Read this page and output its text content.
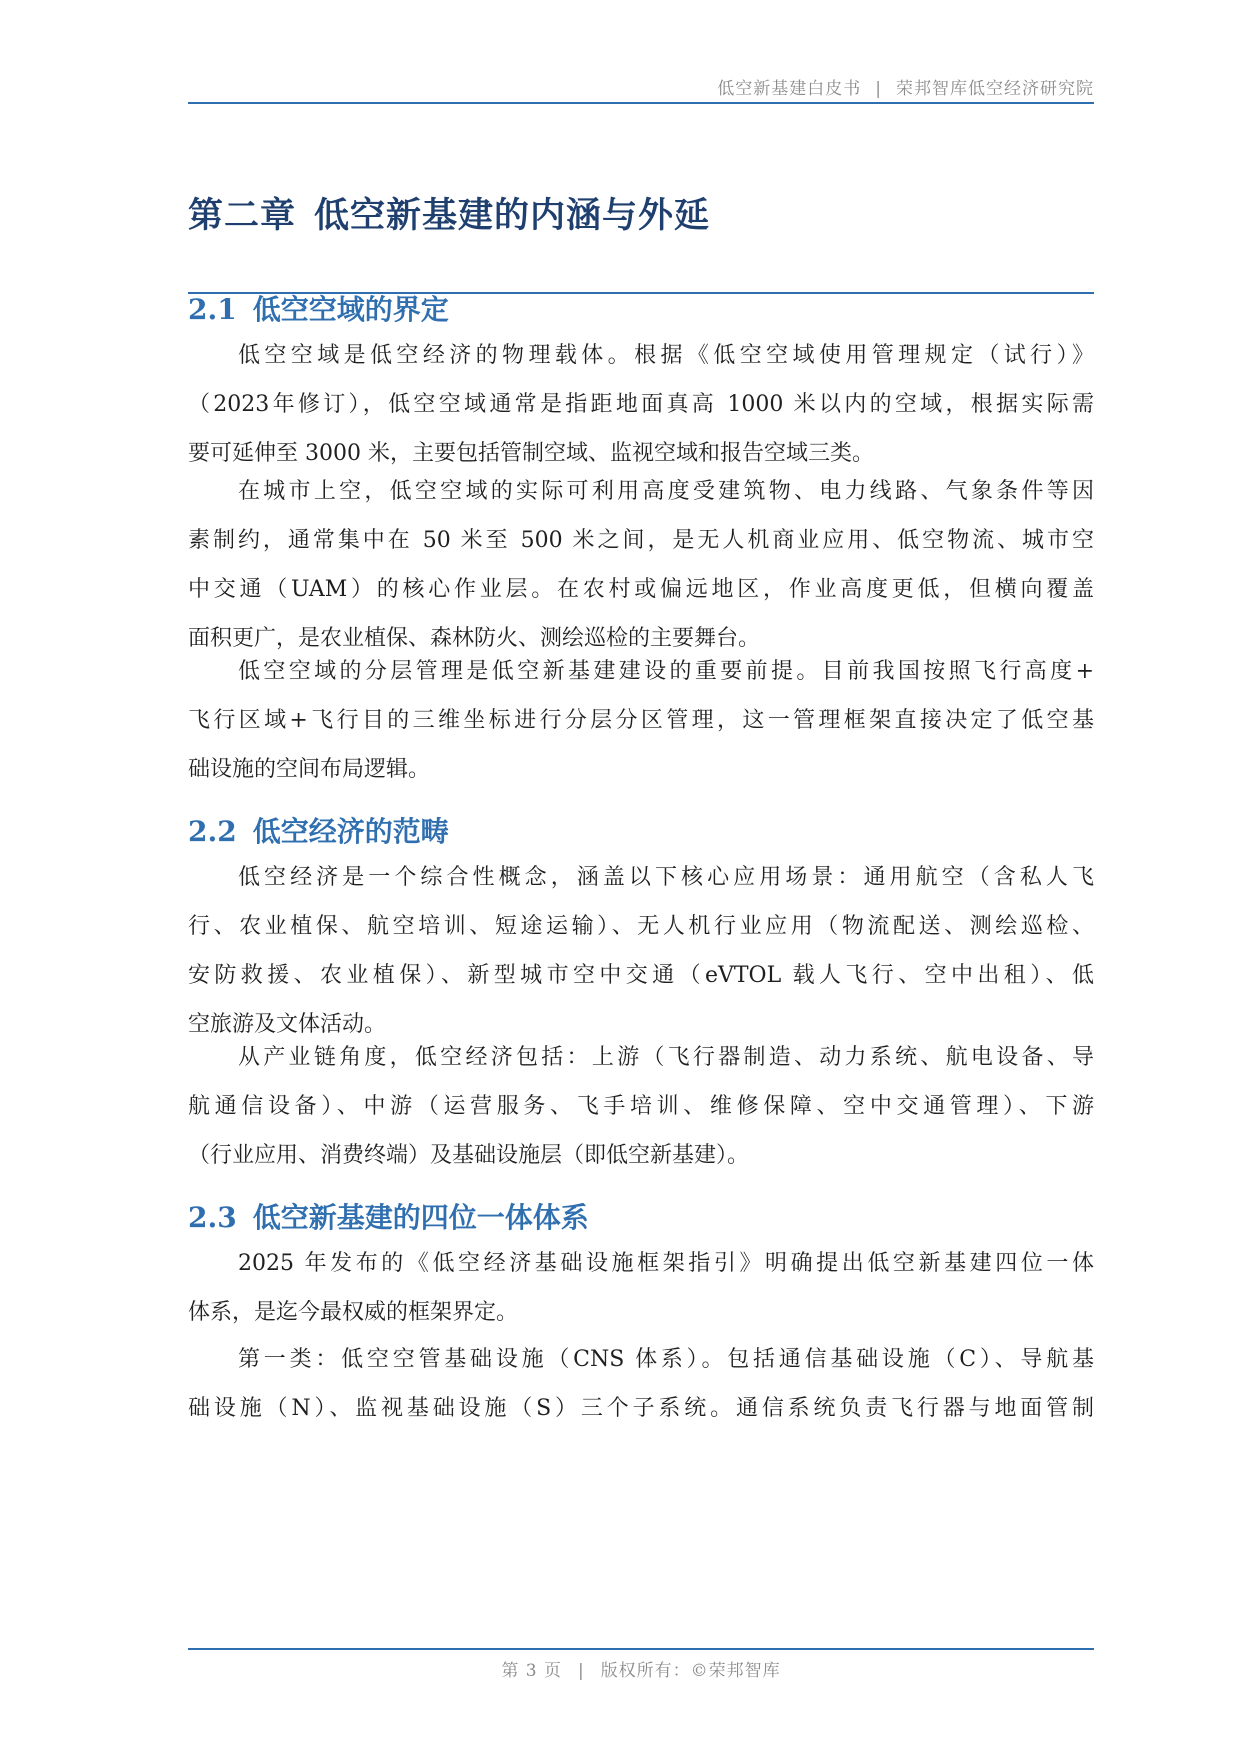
低空新基建白皮书 | 荣邦智库低空经济研究院
第二章 低空新基建的内涵与外延
2.1 低空空域的界定
低空空域是低空经济的物理载体。根据《低空空域使用管理规定（试行）》
（2023年修订），低空空域通常是指距地面真高 1000 米以内的空域，根据实际需
要可延伸至 3000 米，主要包括管制空域、监视空域和报告空域三类。
在城市上空，低空空域的实际可利用高度受建筑物、电力线路、气象条件等因
素制约，通常集中在 50 米至 500 米之间，是无人机商业应用、低空物流、城市空
中交通（UAM）的核心作业层。在农村或偏远地区，作业高度更低，但横向覆盖
面积更广，是农业植保、森林防火、测绘巡检的主要舞台。
低空空域的分层管理是低空新基建建设的重要前提。目前我国按照飞行高度+
飞行区域+飞行目的三维坐标进行分层分区管理，这一管理框架直接决定了低空基
础设施的空间布局逻辑。
2.2 低空经济的范畴
低空经济是一个综合性概念，涵盖以下核心应用场景：通用航空（含私人飞
行、农业植保、航空培训、短途运输）、无人机行业应用（物流配送、测绘巡检、
安防救援、农业植保）、新型城市空中交通（eVTOL 载人飞行、空中出租）、低
空旅游及文体活动。
从产业链角度，低空经济包括：上游（飞行器制造、动力系统、航电设备、导
航通信设备）、中游（运营服务、飞手培训、维修保障、空中交通管理）、下游
（行业应用、消费终端）及基础设施层（即低空新基建）。
2.3 低空新基建的四位一体体系
2025 年发布的《低空经济基础设施框架指引》明确提出低空新基建四位一体
体系，是迄今最权威的框架界定。
第一类：低空空管基础设施（CNS 体系）。包括通信基础设施（C）、导航基
础设施（N）、监视基础设施（S）三个子系统。通信系统负责飞行器与地面管制
第 3 页 | 版权所有：©荣邦智库
